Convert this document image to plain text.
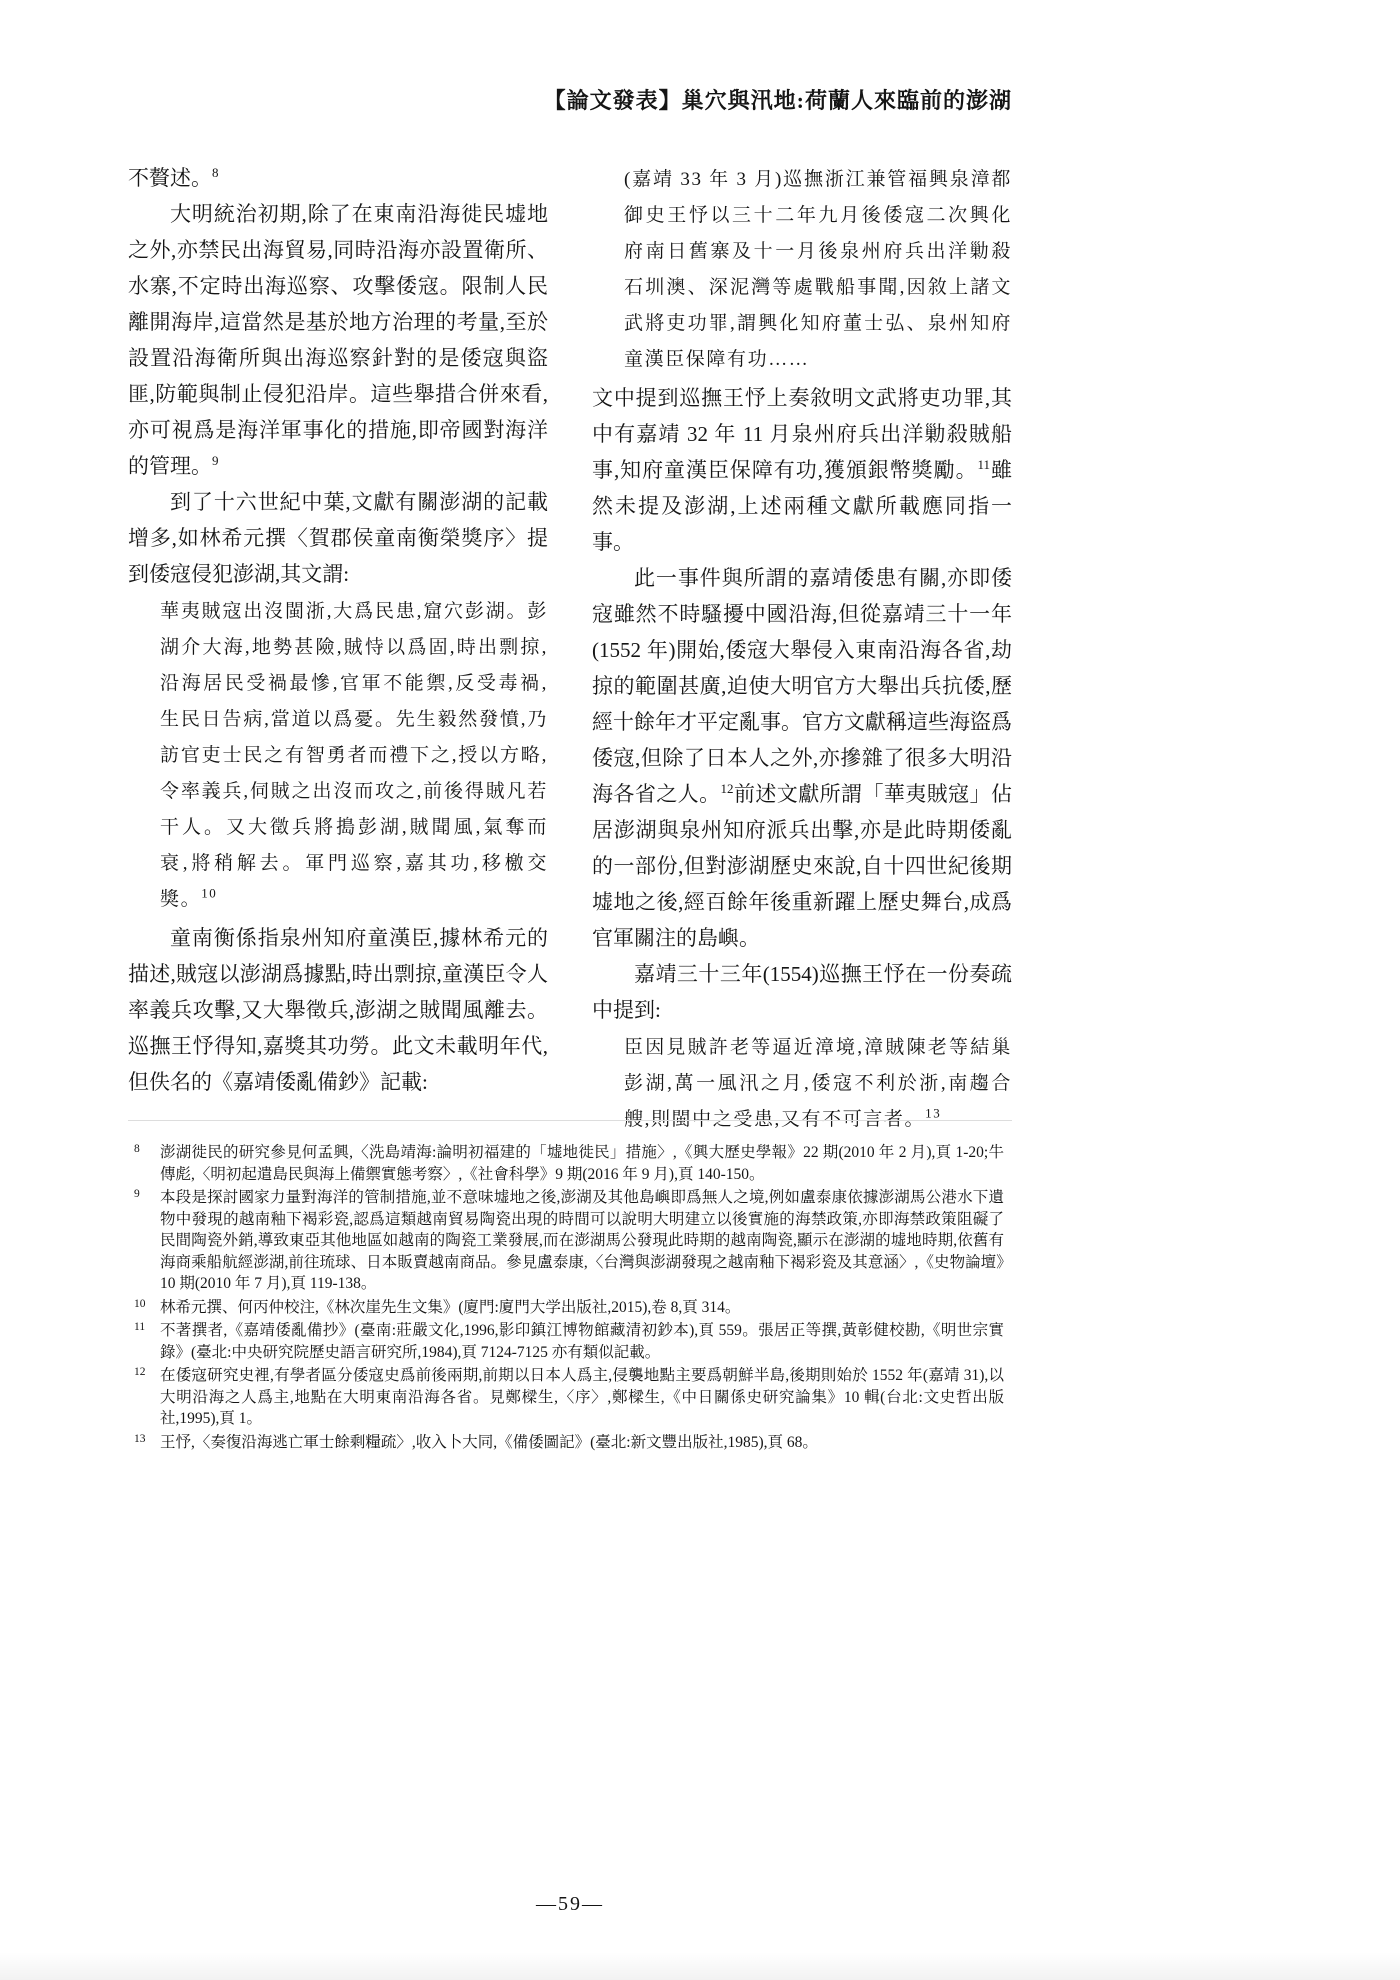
【論文發表】巢穴與汛地:荷蘭人來臨前的澎湖

不贅述。$^8$

大明統治初期,除了在東南沿海徙民墟地之外,亦禁民出海貿易,同時沿海亦設置衛所、水寨,不定時出海巡察、攻擊倭寇。限制人民離開海岸,這當然是基於地方治理的考量,至於設置沿海衛所與出海巡察針對的是倭寇與盜匪,防範與制止侵犯沿岸。這些舉措合併來看,亦可視爲是海洋軍事化的措施,即帝國對海洋的管理。$^9$

到了十六世紀中葉,文獻有關澎湖的記載增多,如林希元撰〈賀郡侯童南衡榮獎序〉提到倭寇侵犯澎湖,其文謂:

華夷賊寇出沒閩浙,大爲民患,窟穴彭湖。彭湖介大海,地勢甚險,賊恃以爲固,時出剽掠,沿海居民受禍最慘,官軍不能禦,反受毒禍,生民日告病,當道以爲憂。先生毅然發憤,乃訪官吏士民之有智勇者而禮下之,授以方略,令率義兵,伺賊之出沒而攻之,前後得賊凡若干人。又大徵兵將搗彭湖,賊聞風,氣奪而衰,將稍解去。軍門巡察,嘉其功,移檄交獎。$^{10}$

童南衡係指泉州知府童漢臣,據林希元的描述,賊寇以澎湖爲據點,時出剽掠,童漢臣令人率義兵攻擊,又大舉徵兵,澎湖之賊聞風離去。巡撫王忬得知,嘉獎其功勞。此文未載明年代,但佚名的《嘉靖倭亂備鈔》記載:

(嘉靖 33 年 3 月)巡撫浙江兼管福興泉漳都御史王忬以三十二年九月後倭寇二次興化府南日舊寨及十一月後泉州府兵出洋勦殺石圳澳、深泥灣等處戰船事聞,因敘上諸文武將吏功罪,謂興化知府董士弘、泉州知府童漢臣保障有功……

文中提到巡撫王忬上奏敘明文武將吏功罪,其中有嘉靖 32 年 11 月泉州府兵出洋勦殺賊船事,知府童漢臣保障有功,獲頒銀幣獎勵。$^{11}$雖然未提及澎湖,上述兩種文獻所載應同指一事。

此一事件與所謂的嘉靖倭患有關,亦即倭寇雖然不時騷擾中國沿海,但從嘉靖三十一年(1552 年)開始,倭寇大舉侵入東南沿海各省,劫掠的範圍甚廣,迫使大明官方大舉出兵抗倭,歷經十餘年才平定亂事。官方文獻稱這些海盜爲倭寇,但除了日本人之外,亦摻雜了很多大明沿海各省之人。$^{12}$前述文獻所謂「華夷賊寇」佔居澎湖與泉州知府派兵出擊,亦是此時期倭亂的一部份,但對澎湖歷史來說,自十四世紀後期墟地之後,經百餘年後重新躍上歷史舞台,成爲官軍關注的島嶼。

嘉靖三十三年(1554)巡撫王忬在一份奏疏中提到:

臣因見賊許老等逼近漳境,漳賊陳老等結巢彭湖,萬一風汛之月,倭寇不利於浙,南趨合艘,則閩中之受患,又有不可言者。$^{13}$
8 澎湖徙民的研究參見何孟興,〈洗島靖海:論明初福建的「墟地徙民」措施〉,《興大歷史學報》22 期(2010 年 2 月),頁 1-20;牛傳彪,〈明初起遣島民與海上備禦實態考察〉,《社會科學》9 期(2016 年 9 月),頁 140-150。
9 本段是探討國家力量對海洋的管制措施,並不意味墟地之後,澎湖及其他島嶼即爲無人之境,例如盧泰康依據澎湖馬公港水下遺物中發現的越南釉下褐彩瓷,認爲這類越南貿易陶瓷出現的時間可以說明大明建立以後實施的海禁政策,亦即海禁政策阻礙了民間陶瓷外銷,導致東亞其他地區如越南的陶瓷工業發展,而在澎湖馬公發現此時期的越南陶瓷,顯示在澎湖的墟地時期,依舊有海商乘船航經澎湖,前往琉球、日本販賣越南商品。參見盧泰康,〈台灣與澎湖發現之越南釉下褐彩瓷及其意涵〉,《史物論壇》10 期(2010 年 7 月),頁 119-138。
10 林希元撰、何丙仲校注,《林次崖先生文集》(廈門:廈門大学出版社,2015),卷 8,頁 314。
11 不著撰者,《嘉靖倭亂備抄》(臺南:莊嚴文化,1996,影印鎮江博物館藏清初鈔本),頁 559。張居正等撰,黃彰健校勘,《明世宗實錄》(臺北:中央研究院歷史語言研究所,1984),頁 7124-7125 亦有類似記載。
12 在倭寇研究史裡,有學者區分倭寇史爲前後兩期,前期以日本人爲主,侵襲地點主要爲朝鮮半島,後期則始於 1552 年(嘉靖 31),以大明沿海之人爲主,地點在大明東南沿海各省。見鄭樑生,〈序〉,鄭樑生,《中日關係史研究論集》10 輯(台北:文史哲出版社,1995),頁 1。
13 王忬,〈奏復沿海逃亡軍士餘剩糧疏〉,收入卜大同,《備倭圖記》(臺北:新文豐出版社,1985),頁 68。
—59—
